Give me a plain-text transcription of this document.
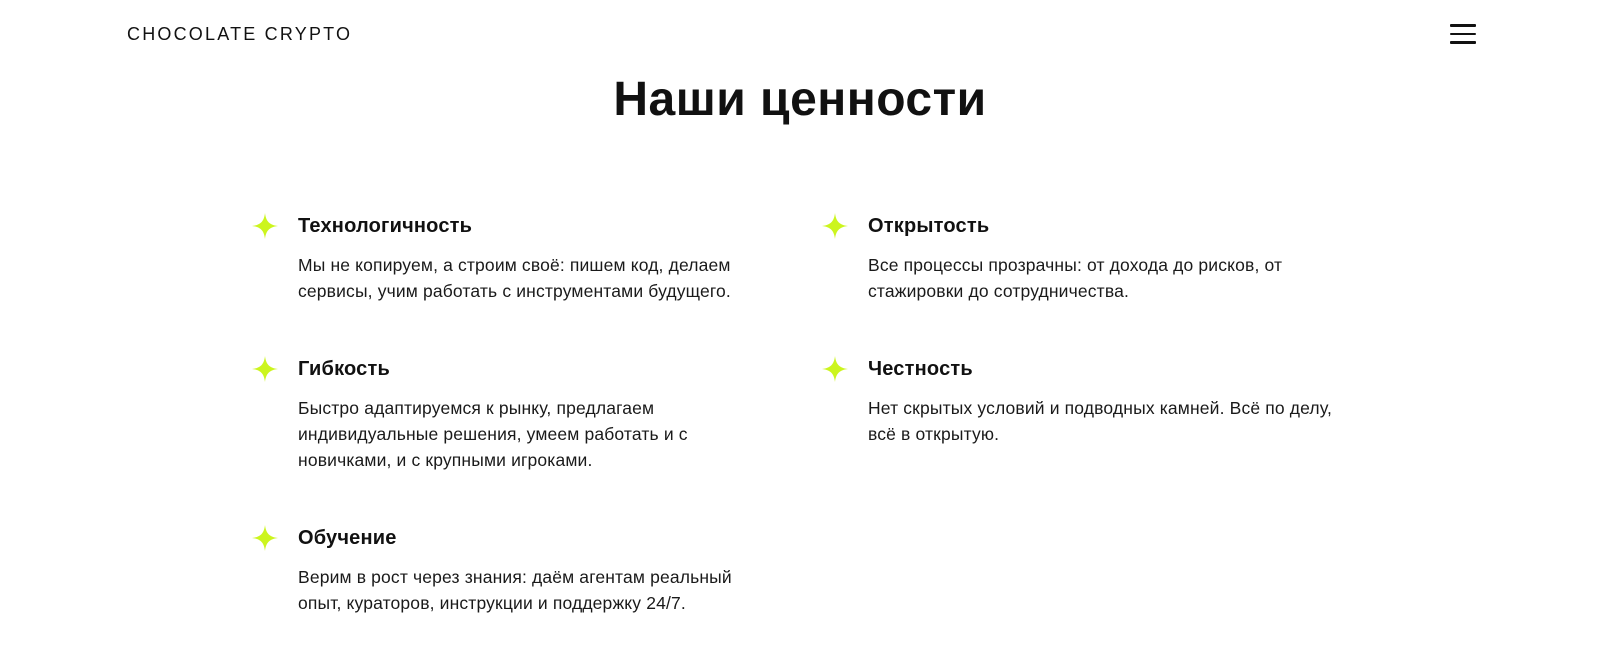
CHOCOLATE CRYPTO
Наши ценности
Технологичность
Мы не копируем, а строим своё: пишем код, делаем сервисы, учим работать с инструментами будущего.
Открытость
Все процессы прозрачны: от дохода до рисков, от стажировки до сотрудничества.
Гибкость
Быстро адаптируемся к рынку, предлагаем индивидуальные решения, умеем работать и с новичками, и с крупными игроками.
Честность
Нет скрытых условий и подводных камней. Всё по делу, всё в открытую.
Обучение
Верим в рост через знания: даём агентам реальный опыт, кураторов, инструкции и поддержку 24/7.
